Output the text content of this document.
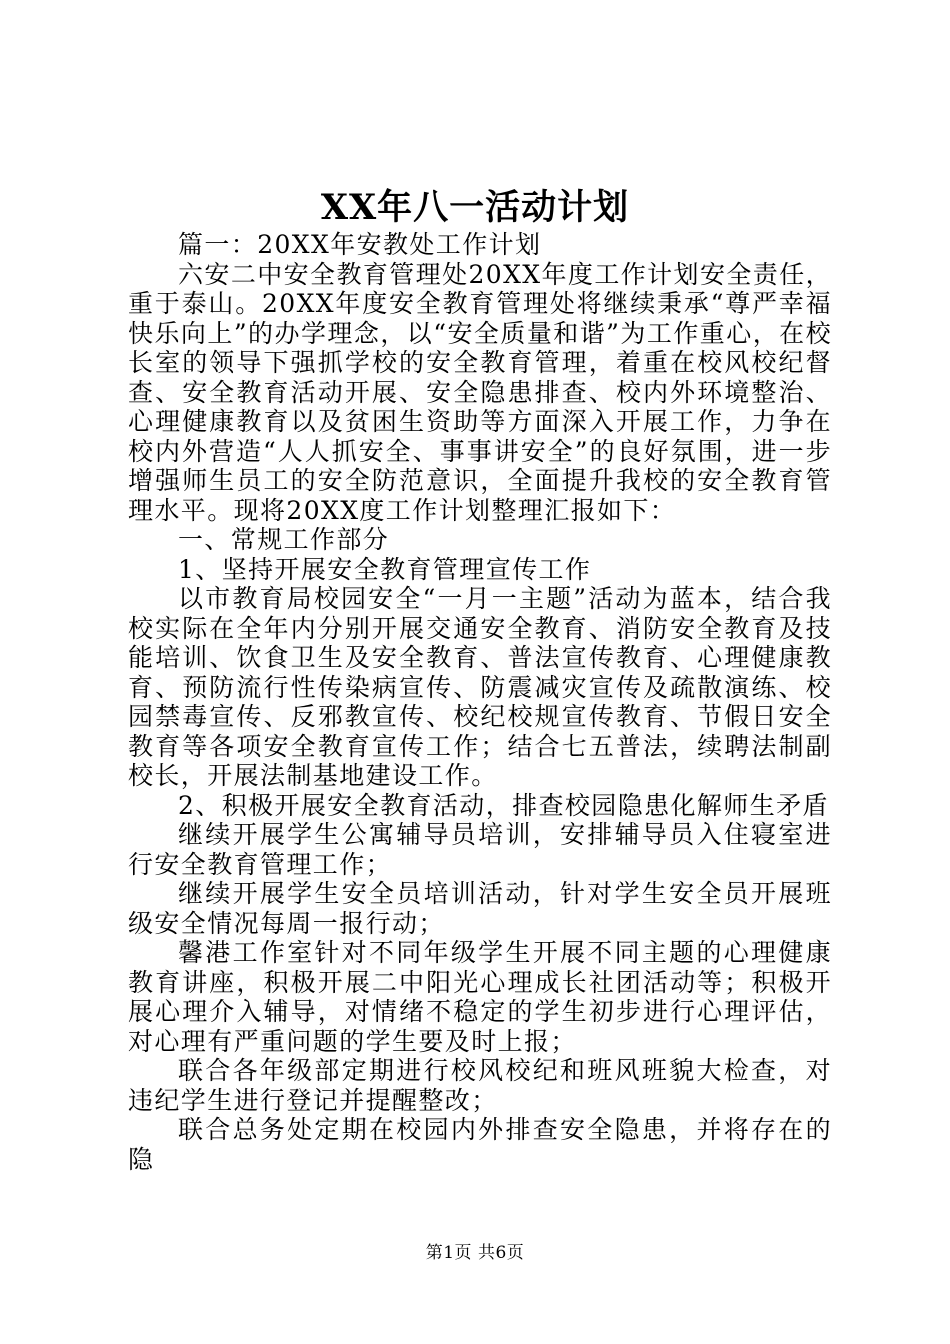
XX年八一活动计划

篇一：20XX年安教处工作计划

六安二中安全教育管理处20XX年度工作计划安全责任，重于泰山。20XX年度安全教育管理处将继续秉承“尊严幸福快乐向上”的办学理念，以“安全质量和谐”为工作重心，在校长室的领导下强抓学校的安全教育管理，着重在校风校纪督查、安全教育活动开展、安全隐患排查、校内外环境整治、心理健康教育以及贫困生资助等方面深入开展工作，力争在校内外营造“人人抓安全、事事讲安全”的良好氛围，进一步增强师生员工的安全防范意识，全面提升我校的安全教育管理水平。现将20XX度工作计划整理汇报如下：

一、常规工作部分

1、坚持开展安全教育管理宣传工作

以市教育局校园安全“一月一主题”活动为蓝本，结合我校实际在全年内分别开展交通安全教育、消防安全教育及技能培训、饮食卫生及安全教育、普法宣传教育、心理健康教育、预防流行性传染病宣传、防震减灾宣传及疏散演练、校园禁毒宣传、反邪教宣传、校纪校规宣传教育、节假日安全教育等各项安全教育宣传工作；结合七五普法，续聘法制副校长，开展法制基地建设工作。

2、积极开展安全教育活动，排查校园隐患化解师生矛盾

继续开展学生公寓辅导员培训，安排辅导员入住寝室进行安全教育管理工作；

继续开展学生安全员培训活动，针对学生安全员开展班级安全情况每周一报行动；

馨港工作室针对不同年级学生开展不同主题的心理健康教育讲座，积极开展二中阳光心理成长社团活动等；积极开展心理介入辅导，对情绪不稳定的学生初步进行心理评估，对心理有严重问题的学生要及时上报；

联合各年级部定期进行校风校纪和班风班貌大检查，对违纪学生进行登记并提醒整改；

联合总务处定期在校园内外排查安全隐患，并将存在的隐

第1页 共6页
